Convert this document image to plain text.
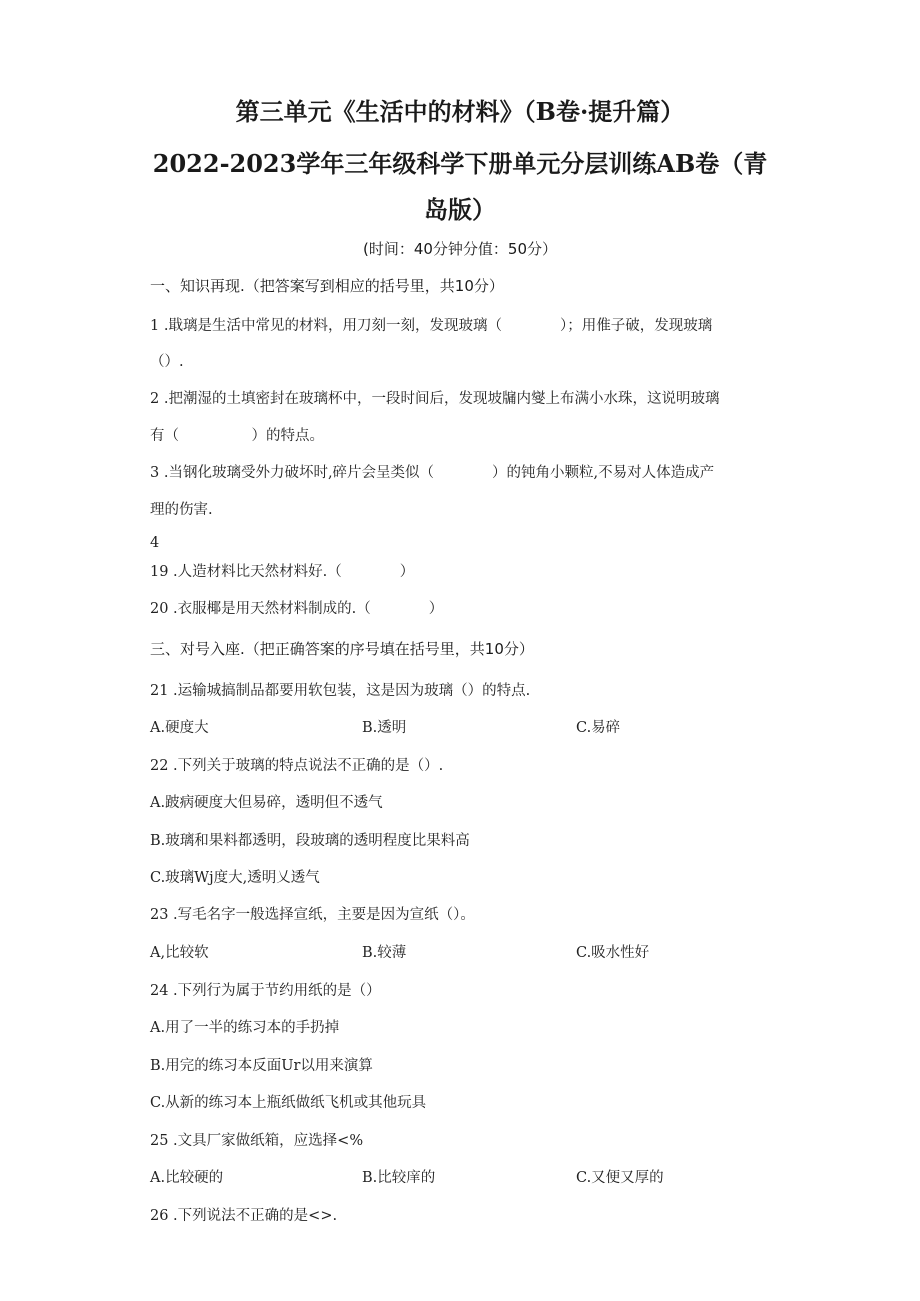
第三单元《生活中的材料》（B卷·提升篇）
2022-2023学年三年级科学下册单元分层训练AB卷（青
岛版）
(时间：40分钟分值：50分）
一、知识再现.（把答案写到相应的括号里，共10分）
1 .戢璃是生活中常见的材料，用刀刻一刻，发现玻璃（　　　　）；用倠子破，发现玻璃
（）.
2 .把潮湿的土填密封在玻璃杯中，一段时间后，发现坡牖内燮上布满小水珠，这说明玻璃
有（　　　　　）的特点。
3 .当钢化玻璃受外力破坏时,碎片会呈类似（　　　　）的钝角小颗粒,不易对人体造成产
理的伤害.
4
19 .人造材料比天然材料好.（　　　　）
20 .衣服椰是用天然材料制成的.（　　　　）
三、对号入座.（把正确答案的序号填在括号里，共10分）
21 .运输城搞制品都要用软包装，这是因为玻璃（）的特点.
A.硬度大	B.透明	C.易碎
22 .下列关于玻璃的特点说法不正确的是（）.
A.跛病硬度大但易碎，透明但不透气
B.玻璃和果料都透明，段玻璃的透明程度比果料高
C.玻璃Wj度大,透明乂透气
23 .写毛名字一般选择宣纸，主要是因为宣纸（）。
A,比较软	B.较薄	C.吸水性好
24 .下列行为属于节约用纸的是（）
A.用了一半的练习本的手扔掉
B.用完的练习本反面Ur以用来演算
C.从新的练习本上瓶纸做纸飞机或其他玩具
25 .文具厂家做纸箱，应选择<%
A.比较硬的	B.比较庠的	C.又便又厚的
26 .下列说法不正确的是<>.
